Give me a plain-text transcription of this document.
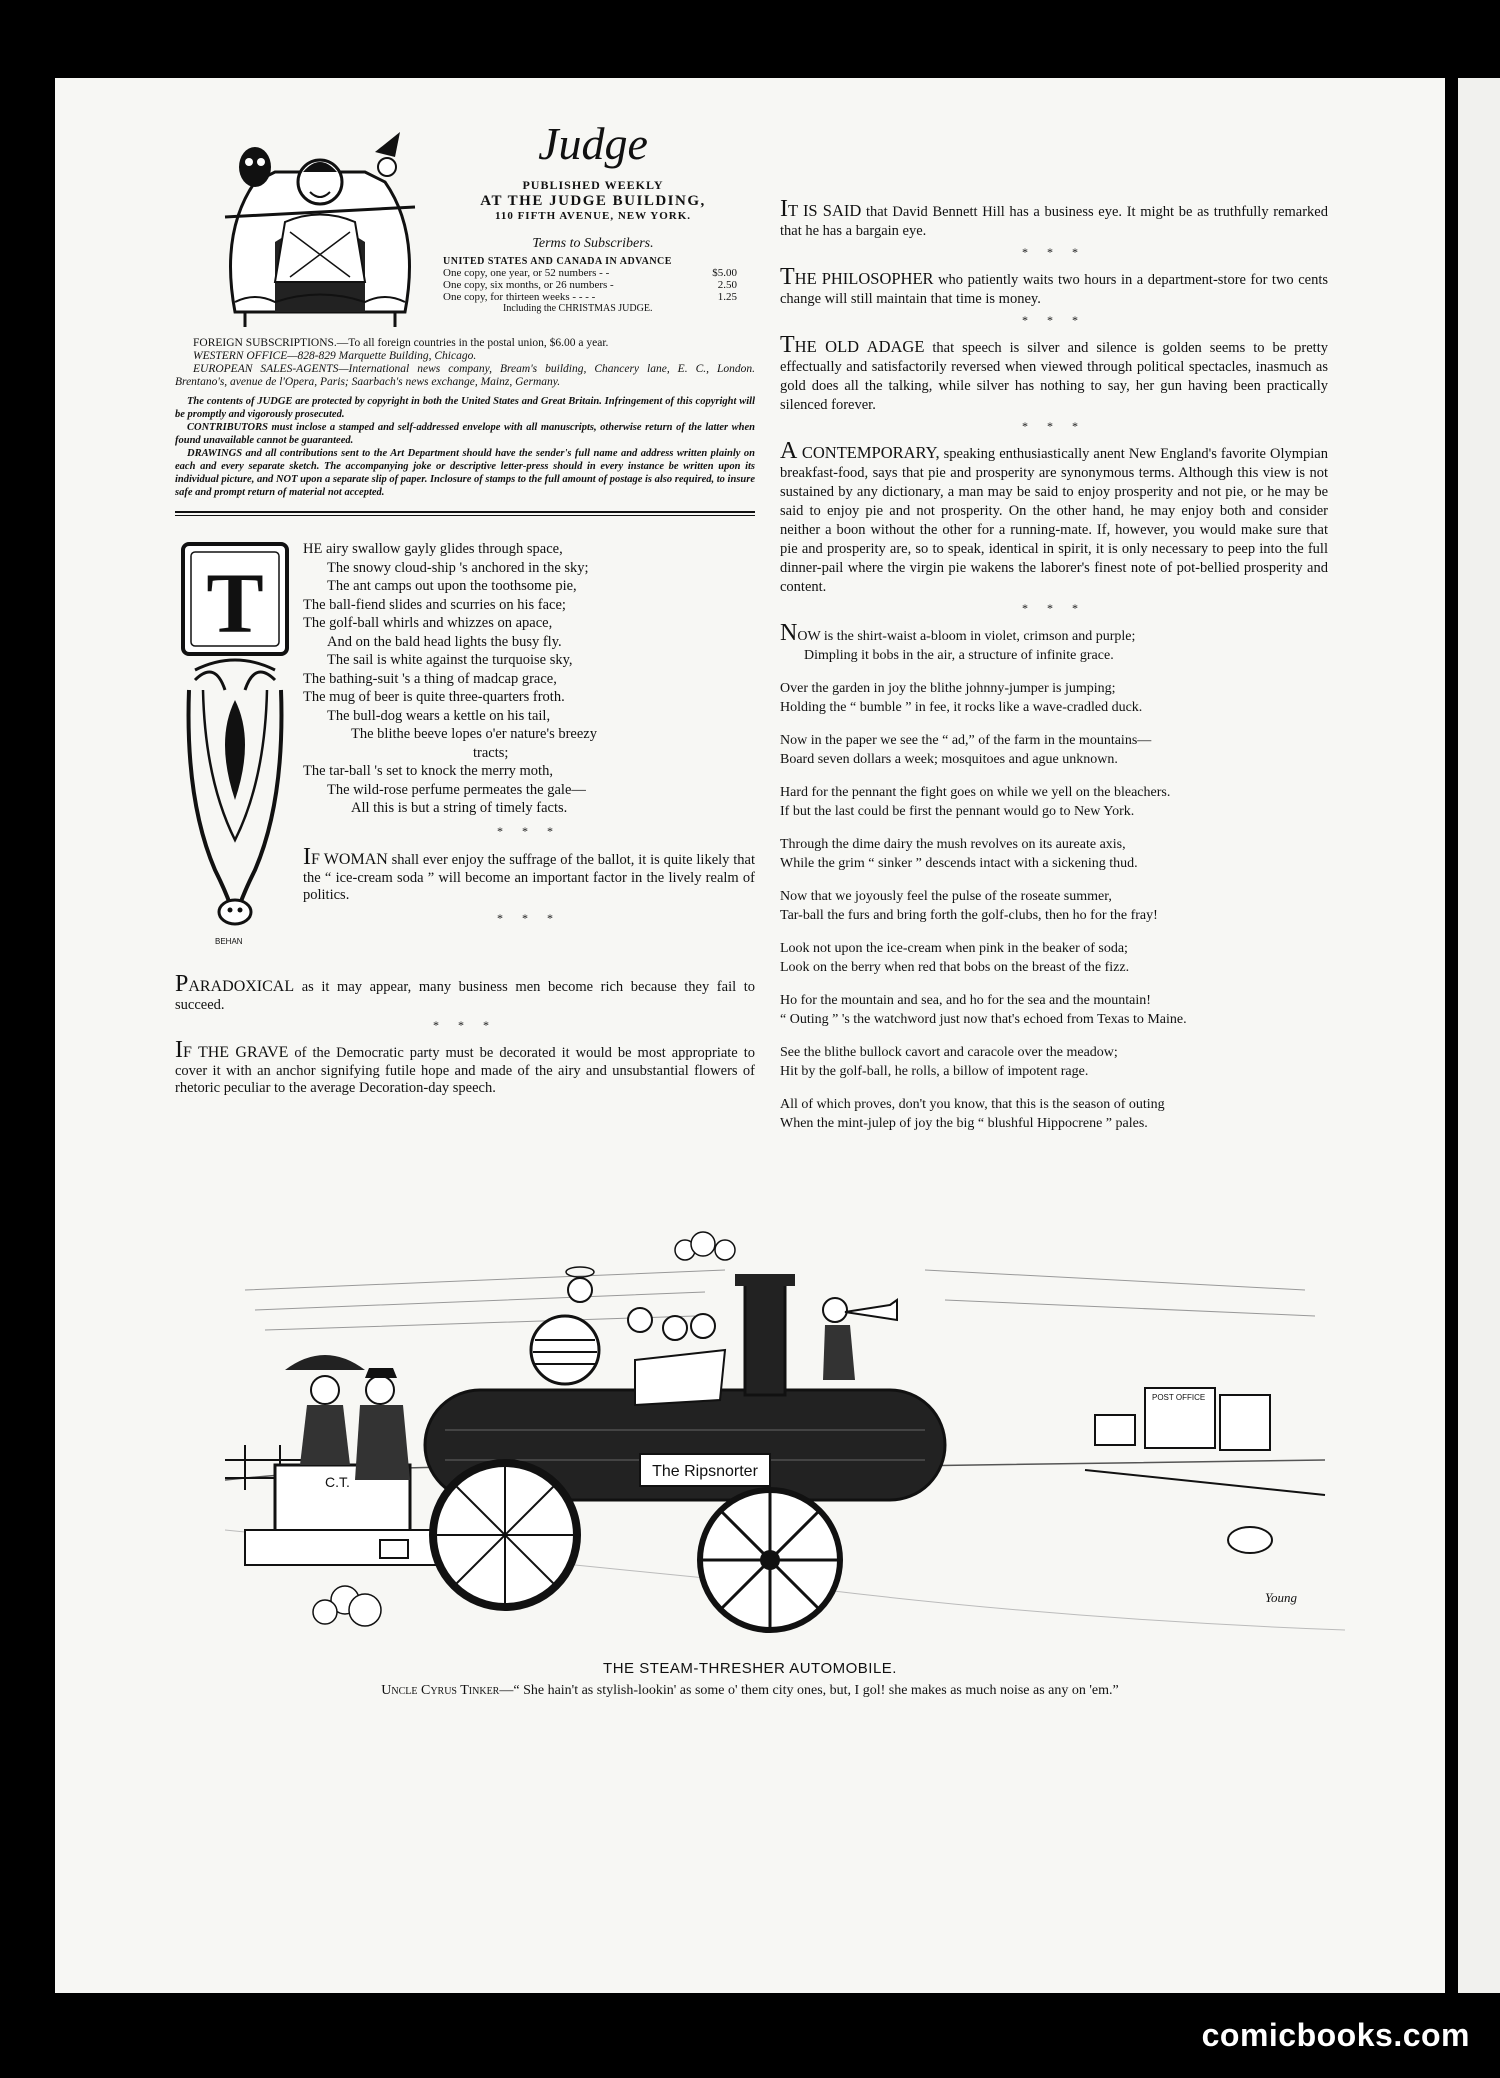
Judge
PUBLISHED WEEKLY
AT THE JUDGE BUILDING,
110 FIFTH AVENUE, NEW YORK.
Terms to Subscribers.
UNITED STATES AND CANADA IN ADVANCE
One copy, one year, or 52 numbers - -	$5.00
One copy, six months, or 26 numbers -	2.50
One copy, for thirteen weeks - - - -	1.25
Including the CHRISTMAS JUDGE.

FOREIGN SUBSCRIPTIONS.—To all foreign countries in the postal union, $6.00 a year.

WESTERN OFFICE—828-829 Marquette Building, Chicago.

EUROPEAN SALES-AGENTS—International news company, Bream's building, Chancery lane, E. C., London. Brentano's, avenue de l'Opera, Paris; Saarbach's news exchange, Mainz, Germany.

The contents of JUDGE are protected by copyright in both the United States and Great Britain. Infringement of this copyright will be promptly and vigorously prosecuted.

CONTRIBUTORS must inclose a stamped and self-addressed envelope with all manuscripts, otherwise return of the latter when found unavailable cannot be guaranteed.

DRAWINGS and all contributions sent to the Art Department should have the sender's full name and address written plainly on each and every separate sketch. The accompanying joke or descriptive letter-press should in every instance be written upon its individual picture, and NOT upon a separate slip of paper. Inclosure of stamps to the full amount of postage is also required, to insure safe and prompt return of material not accepted.

T
BEHAN
HE airy swallow gayly glides through space,
The snowy cloud-ship 's anchored in the sky;
The ant camps out upon the toothsome pie,
The ball-fiend slides and scurries on his face;
The golf-ball whirls and whizzes on apace,
And on the bald head lights the busy fly.
The sail is white against the turquoise sky,
The bathing-suit 's a thing of madcap grace,
The mug of beer is quite three-quarters froth.
The bull-dog wears a kettle on his tail,
The blithe beeve lopes o'er nature's breezy
tracts;
The tar-ball 's set to knock the merry moth,
The wild-rose perfume permeates the gale—
All this is but a string of timely facts.
* * *

IF WOMAN shall ever enjoy the suffrage of the ballot, it is quite likely that the “ ice-cream soda ” will become an important factor in the lively realm of politics.

* * *

PARADOXICAL as it may appear, many business men become rich because they fail to succeed.

* * *

IF THE GRAVE of the Democratic party must be decorated it would be most appropriate to cover it with an anchor signifying futile hope and made of the airy and unsubstantial flowers of rhetoric peculiar to the average Decoration-day speech.

IT IS SAID that David Bennett Hill has a business eye. It might be as truthfully remarked that he has a bargain eye.

* * *

THE PHILOSOPHER who patiently waits two hours in a department-store for two cents change will still maintain that time is money.

* * *

THE OLD ADAGE that speech is silver and silence is golden seems to be pretty effectually and satisfactorily reversed when viewed through political spectacles, inasmuch as gold does all the talking, while silver has nothing to say, her gun having been practically silenced forever.

* * *

A CONTEMPORARY, speaking enthusiastically anent New England's favorite Olympian breakfast-food, says that pie and prosperity are synonymous terms. Although this view is not sustained by any dictionary, a man may be said to enjoy prosperity and not pie, or he may be said to enjoy pie and not prosperity. On the other hand, he may enjoy both and consider neither a boon without the other for a running-mate. If, however, you would make sure that pie and prosperity are, so to speak, identical in spirit, it is only necessary to peep into the full dinner-pail where the virgin pie wakens the laborer's finest note of pot-bellied prosperity and content.

* * *
NOW is the shirt-waist a-bloom in violet, crimson and purple;
Dimpling it bobs in the air, a structure of infinite grace.
Over the garden in joy the blithe johnny-jumper is jumping;
Holding the “ bumble ” in fee, it rocks like a wave-cradled duck.
Now in the paper we see the “ ad,” of the farm in the mountains—
Board seven dollars a week; mosquitoes and ague unknown.
Hard for the pennant the fight goes on while we yell on the bleachers.
If but the last could be first the pennant would go to New York.
Through the dime dairy the mush revolves on its aureate axis,
While the grim “ sinker ” descends intact with a sickening thud.
Now that we joyously feel the pulse of the roseate summer,
Tar-ball the furs and bring forth the golf-clubs, then ho for the fray!
Look not upon the ice-cream when pink in the beaker of soda;
Look on the berry when red that bobs on the breast of the fizz.
Ho for the mountain and sea, and ho for the sea and the mountain!
“ Outing ” 's the watchword just now that's echoed from Texas to Maine.
See the blithe bullock cavort and caracole over the meadow;
Hit by the golf-ball, he rolls, a billow of impotent rage.
All of which proves, don't you know, that this is the season of outing
When the mint-julep of joy the big “ blushful Hippocrene ” pales.
POST OFFICE
The Ripsnorter
C.T.
Young
THE STEAM-THRESHER AUTOMOBILE.
Uncle Cyrus Tinker—“ She hain't as stylish-lookin' as some o' them city ones, but, I gol! she makes as much noise as any on 'em.”
comicbooks.com
